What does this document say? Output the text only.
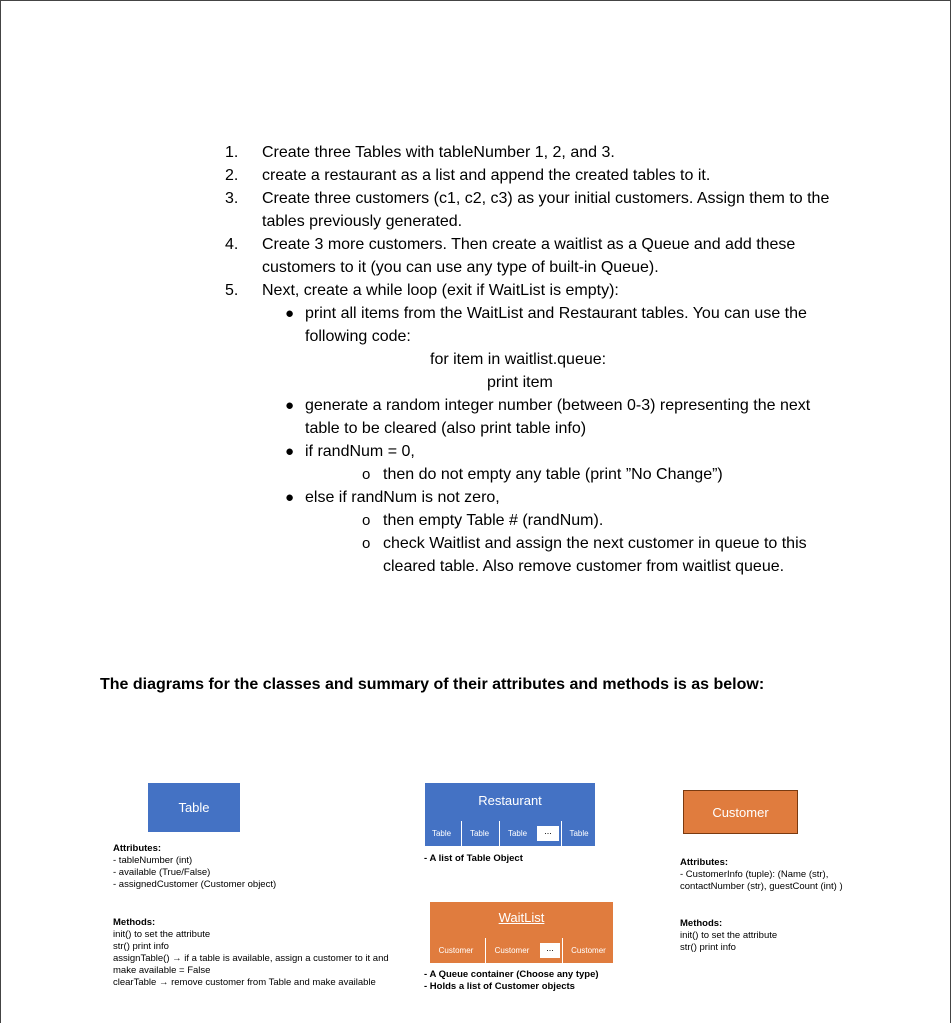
1. Create three Tables with tableNumber 1, 2, and 3.
2. create a restaurant as a list and append the created tables to it.
3. Create three customers (c1, c2, c3) as your initial customers. Assign them to the tables previously generated.
4. Create 3 more customers. Then create a waitlist as a Queue and add these customers to it (you can use any type of built-in Queue).
5. Next, create a while loop (exit if WaitList is empty):
● print all items from the WaitList and Restaurant tables. You can use the following code:
for item in waitlist.queue:
print item
● generate a random integer number (between 0-3) representing the next table to be cleared (also print table info)
● if randNum = 0,
o then do not empty any table (print ”No Change”)
● else if randNum is not zero,
o then empty Table # (randNum).
o check Waitlist and assign the next customer in queue to this cleared table. Also remove customer from waitlist queue.
The diagrams for the classes and summary of their attributes and methods is as below:
Table
Attributes:
- tableNumber (int)
- available (True/False)
- assignedCustomer (Customer object)
Methods:
init() to set the attribute
str() print info
assignTable() → if a table is available, assign a customer to it and make available = False
clearTable → remove customer from Table and make available
Restaurant
Table	Table	Table	...	Table
- A list of Table Object
WaitList
Customer	Customer	...	Customer
- A Queue container (Choose any type)
- Holds a list of Customer objects
Customer
Attributes:
- CustomerInfo (tuple): (Name (str), contactNumber (str), guestCount (int) )
Methods:
init() to set the attribute
str() print info
